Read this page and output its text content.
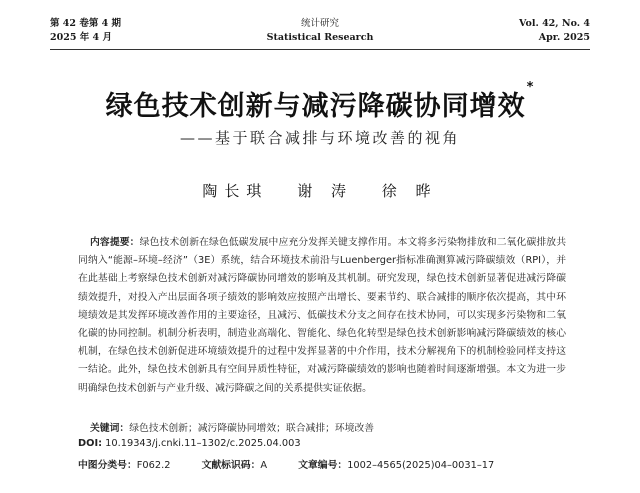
第 42 卷第 4 期
2025 年 4 月
统计研究
Statistical Research
Vol. 42, No. 4
Apr. 2025
绿色技术创新与减污降碳协同增效*
——基于联合减排与环境改善的视角
陶长琪 谢 涛 徐 晔
内容提要：绿色技术创新在绿色低碳发展中应充分发挥关键支撑作用。本文将多污染物排放和二氧化碳排放共同纳入“能源–环境–经济”（3E）系统，结合环境技术前沿与Luenberger指标准确测算减污降碳绩效（RPI），并在此基础上考察绿色技术创新对减污降碳协同增效的影响及其机制。研究发现，绿色技术创新显著促进减污降碳绩效提升，对投入产出层面各项子绩效的影响效应按照产出增长、要素节约、联合减排的顺序依次提高，其中环境绩效是其发挥环境改善作用的主要途径，且减污、低碳技术分支之间存在技术协同，可以实现多污染物和二氧化碳的协同控制。机制分析表明，制造业高端化、智能化、绿色化转型是绿色技术创新影响减污降碳绩效的核心机制，在绿色技术创新促进环境绩效提升的过程中发挥显著的中介作用，技术分解视角下的机制检验同样支持这一结论。此外，绿色技术创新具有空间异质性特征，对减污降碳绩效的影响也随着时间逐渐增强。本文为进一步明确绿色技术创新与产业升级、减污降碳之间的关系提供实证依据。
关键词：绿色技术创新；减污降碳协同增效；联合减排；环境改善
DOI: 10.19343/j.cnki.11–1302/c.2025.04.003
中图分类号：F062.2	文献标识码：A	文章编号：1002–4565(2025)04–0031–17
